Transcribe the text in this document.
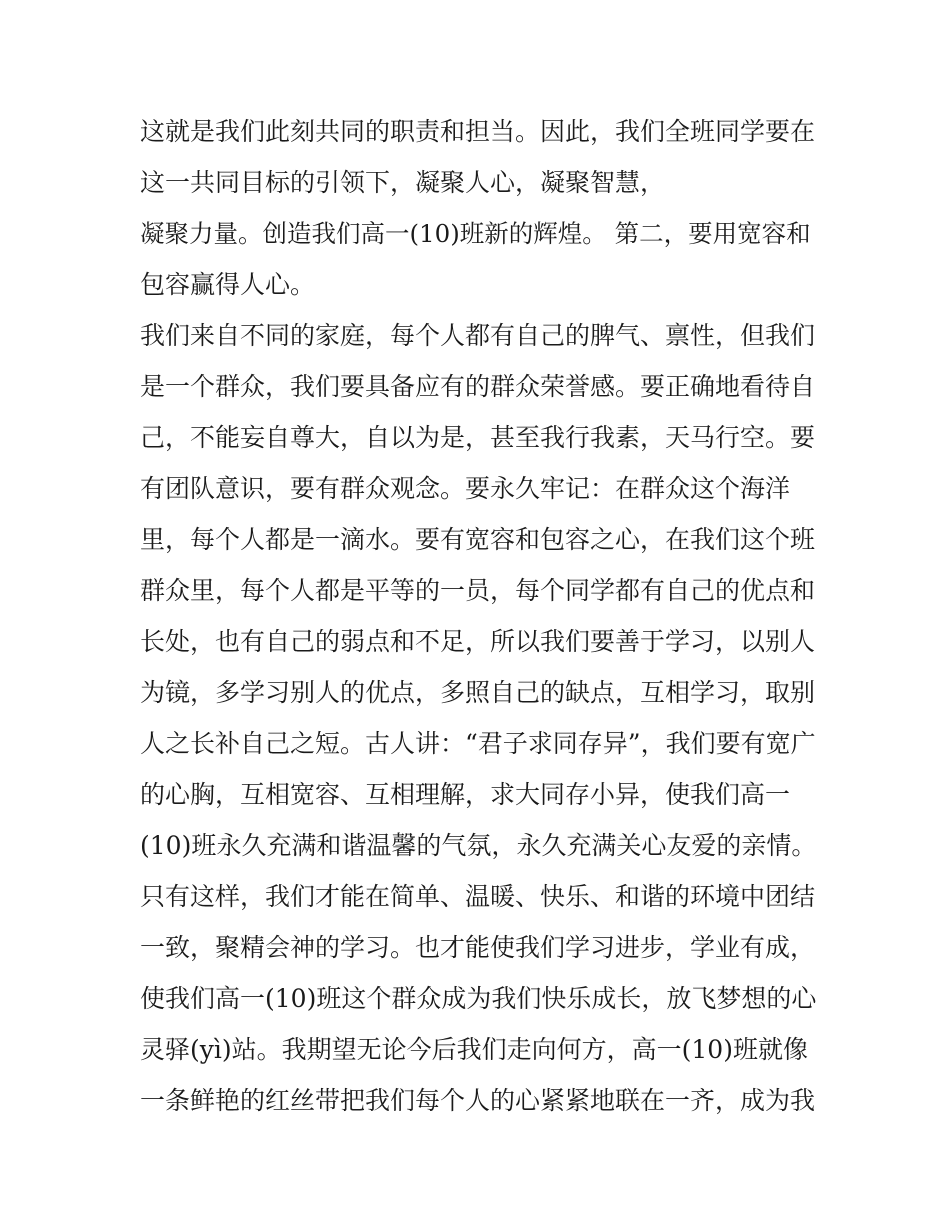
这就是我们此刻共同的职责和担当。因此，我们全班同学要在
这一共同目标的引领下，凝聚人心，凝聚智慧，
凝聚力量。创造我们高一(10)班新的辉煌。 第二，要用宽容和
包容赢得人心。
我们来自不同的家庭，每个人都有自己的脾气、禀性，但我们
是一个群众，我们要具备应有的群众荣誉感。要正确地看待自
己，不能妄自尊大，自以为是，甚至我行我素，天马行空。要
有团队意识，要有群众观念。要永久牢记：在群众这个海洋
里，每个人都是一滴水。要有宽容和包容之心，在我们这个班
群众里，每个人都是平等的一员，每个同学都有自己的优点和
长处，也有自己的弱点和不足，所以我们要善于学习，以别人
为镜，多学习别人的优点，多照自己的缺点，互相学习，取别
人之长补自己之短。古人讲：“君子求同存异”，我们要有宽广
的心胸，互相宽容、互相理解，求大同存小异，使我们高一
(10)班永久充满和谐温馨的气氛，永久充满关心友爱的亲情。
只有这样，我们才能在简单、温暖、快乐、和谐的环境中团结
一致，聚精会神的学习。也才能使我们学习进步，学业有成，
使我们高一(10)班这个群众成为我们快乐成长，放飞梦想的心
灵驿(yì)站。我期望无论今后我们走向何方，高一(10)班就像
一条鲜艳的红丝带把我们每个人的心紧紧地联在一齐，成为我
